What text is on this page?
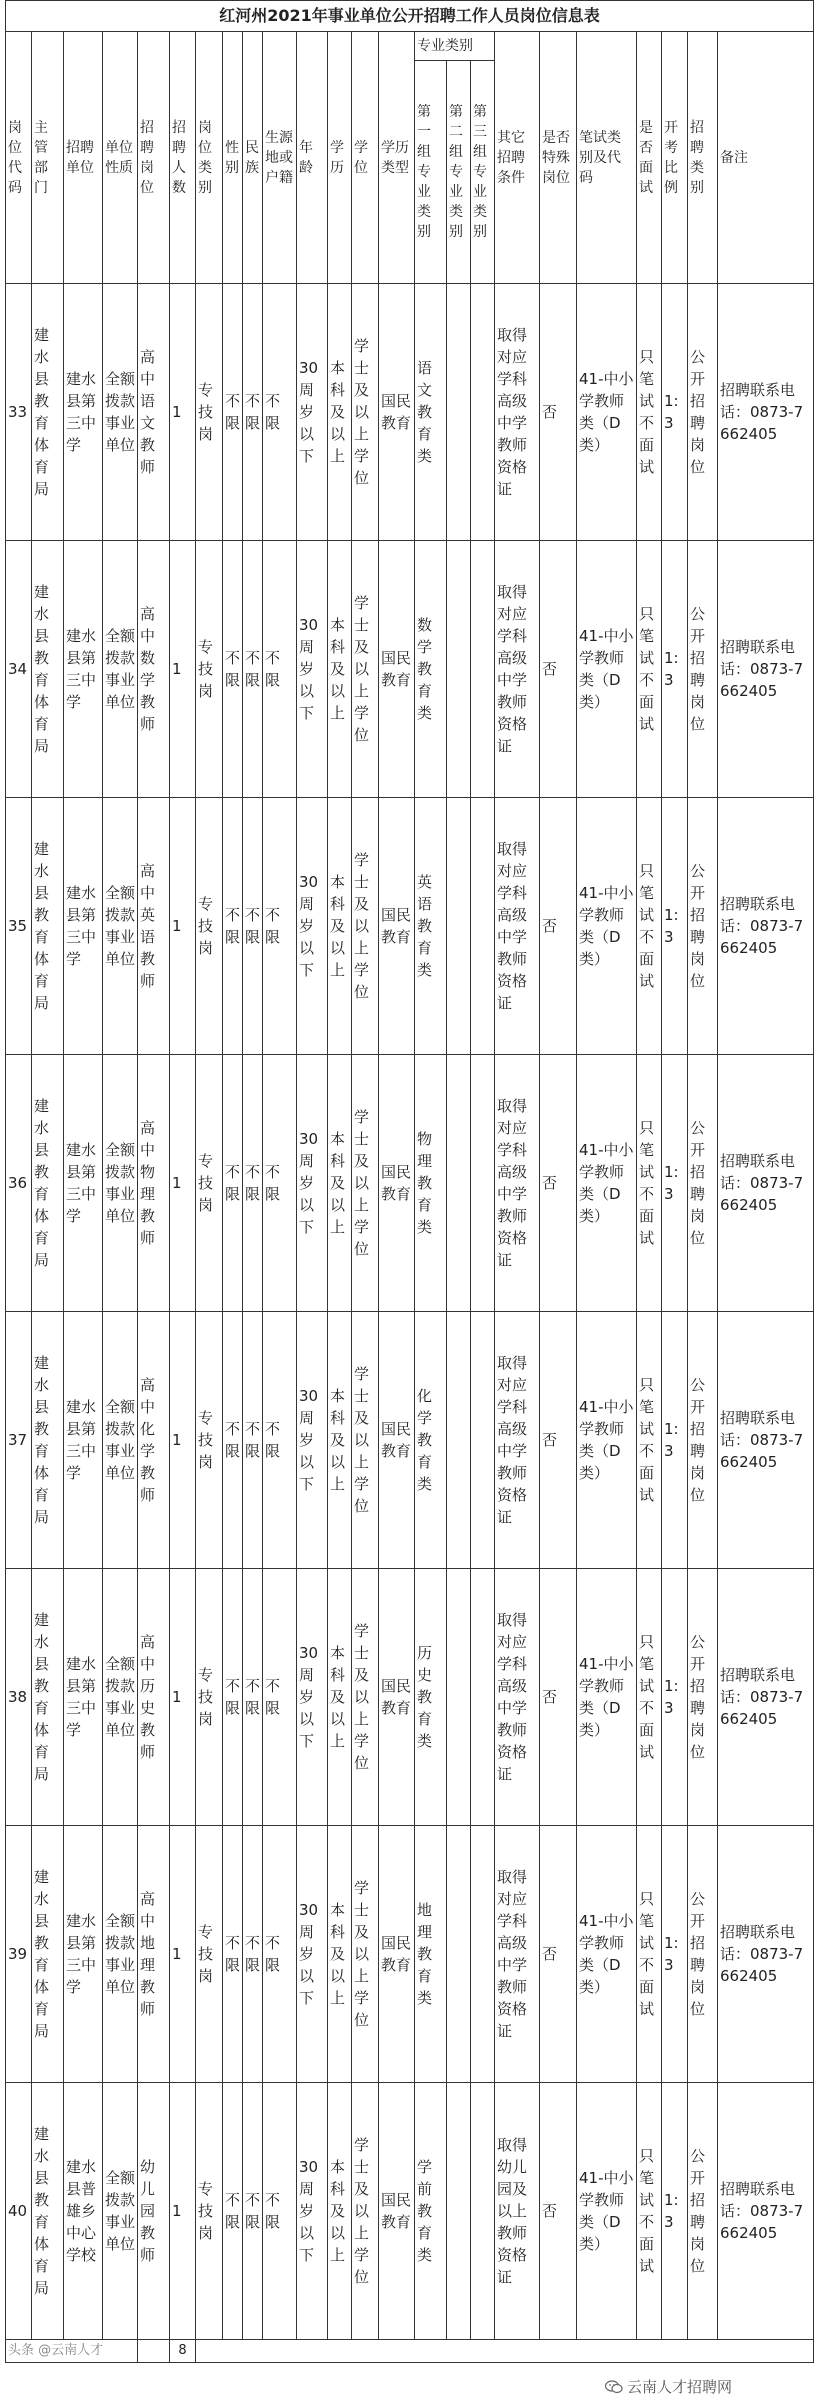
红河州2021年事业单位公开招聘工作人员岗位信息表																							
岗位代码	主管部门	招聘单位	单位性质	招聘岗位	招聘人数	岗位类别	性别	民族	生源地或户籍	年龄	学历	学位	学历类型	专业类别			其它招聘条件	是否特殊岗位	笔试类别及代码	是否面试	开考比例	招聘类别	备注
														第一组专业类别	第二组专业类别	第三组专业类别							
33	建水县教育体育局	建水县第三中学	全额拨款事业单位	高中语文教师	1	专技岗	不限	不限	不限	30周岁以下	本科及以上	学士及以上学位	国民教育	语文教育类			取得对应学科高级中学教师资格证	否	41-中小学教师类（D类）	只笔试不面试	1:3	公开招聘岗位	招聘联系电话：0873-7662405
34	建水县教育体育局	建水县第三中学	全额拨款事业单位	高中数学教师	1	专技岗	不限	不限	不限	30周岁以下	本科及以上	学士及以上学位	国民教育	数学教育类			取得对应学科高级中学教师资格证	否	41-中小学教师类（D类）	只笔试不面试	1:3	公开招聘岗位	招聘联系电话：0873-7662405
35	建水县教育体育局	建水县第三中学	全额拨款事业单位	高中英语教师	1	专技岗	不限	不限	不限	30周岁以下	本科及以上	学士及以上学位	国民教育	英语教育类			取得对应学科高级中学教师资格证	否	41-中小学教师类（D类）	只笔试不面试	1:3	公开招聘岗位	招聘联系电话：0873-7662405
36	建水县教育体育局	建水县第三中学	全额拨款事业单位	高中物理教师	1	专技岗	不限	不限	不限	30周岁以下	本科及以上	学士及以上学位	国民教育	物理教育类			取得对应学科高级中学教师资格证	否	41-中小学教师类（D类）	只笔试不面试	1:3	公开招聘岗位	招聘联系电话：0873-7662405
37	建水县教育体育局	建水县第三中学	全额拨款事业单位	高中化学教师	1	专技岗	不限	不限	不限	30周岁以下	本科及以上	学士及以上学位	国民教育	化学教育类			取得对应学科高级中学教师资格证	否	41-中小学教师类（D类）	只笔试不面试	1:3	公开招聘岗位	招聘联系电话：0873-7662405
38	建水县教育体育局	建水县第三中学	全额拨款事业单位	高中历史教师	1	专技岗	不限	不限	不限	30周岁以下	本科及以上	学士及以上学位	国民教育	历史教育类			取得对应学科高级中学教师资格证	否	41-中小学教师类（D类）	只笔试不面试	1:3	公开招聘岗位	招聘联系电话：0873-7662405
39	建水县教育体育局	建水县第三中学	全额拨款事业单位	高中地理教师	1	专技岗	不限	不限	不限	30周岁以下	本科及以上	学士及以上学位	国民教育	地理教育类			取得对应学科高级中学教师资格证	否	41-中小学教师类（D类）	只笔试不面试	1:3	公开招聘岗位	招聘联系电话：0873-7662405
40	建水县教育体育局	建水县普雄乡中心学校	全额拨款事业单位	幼儿园教师	1	专技岗	不限	不限	不限	30周岁以下	本科及以上	学士及以上学位	国民教育	学前教育类			取得幼儿园及以上教师资格证	否	41-中小学教师类（D类）	只笔试不面试	1:3	公开招聘岗位	招聘联系电话：0873-7662405
头条 @云南人才					8																		
云南人才招聘网
